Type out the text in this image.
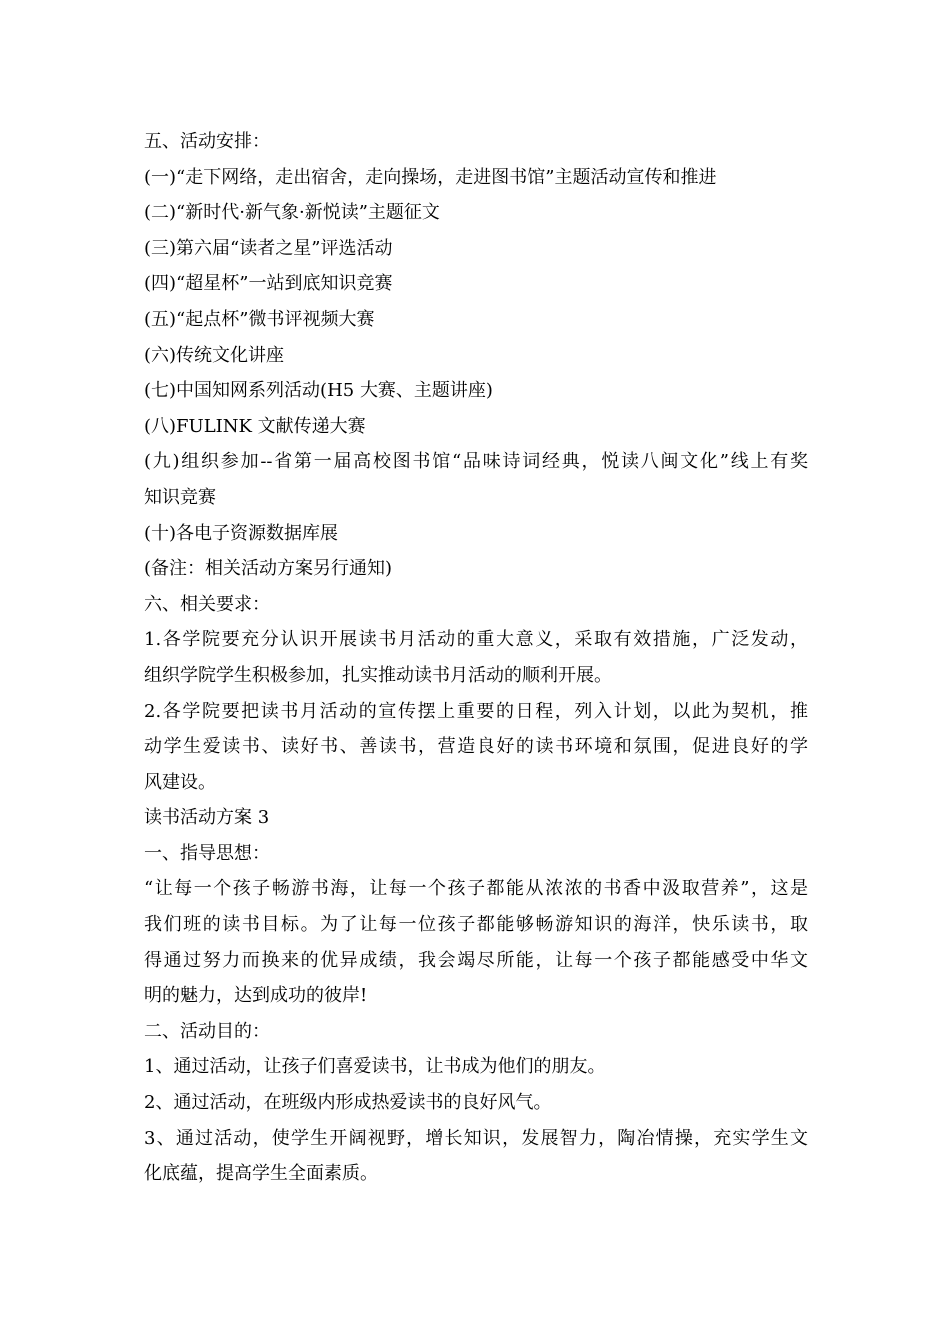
五、活动安排：
(一)“走下网络，走出宿舍，走向操场，走进图书馆”主题活动宣传和推进
(二)“新时代·新气象·新悦读”主题征文
(三)第六届“读者之星”评选活动
(四)“超星杯”一站到底知识竞赛
(五)“起点杯”微书评视频大赛
(六)传统文化讲座
(七)中国知网系列活动(H5 大赛、主题讲座)
(八)FULINK 文献传递大赛
(九)组织参加--省第一届高校图书馆“品味诗词经典，悦读八闽文化”线上有奖
知识竞赛
(十)各电子资源数据库展
(备注：相关活动方案另行通知)
六、相关要求：
1.各学院要充分认识开展读书月活动的重大意义，采取有效措施，广泛发动，
组织学院学生积极参加，扎实推动读书月活动的顺利开展。
2.各学院要把读书月活动的宣传摆上重要的日程，列入计划，以此为契机，推
动学生爱读书、读好书、善读书，营造良好的读书环境和氛围，促进良好的学
风建设。
读书活动方案 3
一、指导思想：
“让每一个孩子畅游书海，让每一个孩子都能从浓浓的书香中汲取营养”，这是
我们班的读书目标。为了让每一位孩子都能够畅游知识的海洋，快乐读书，取
得通过努力而换来的优异成绩，我会竭尽所能，让每一个孩子都能感受中华文
明的魅力，达到成功的彼岸!
二、活动目的：
1、通过活动，让孩子们喜爱读书，让书成为他们的朋友。
2、通过活动，在班级内形成热爱读书的良好风气。
3、通过活动，使学生开阔视野，增长知识，发展智力，陶冶情操，充实学生文
化底蕴，提高学生全面素质。
